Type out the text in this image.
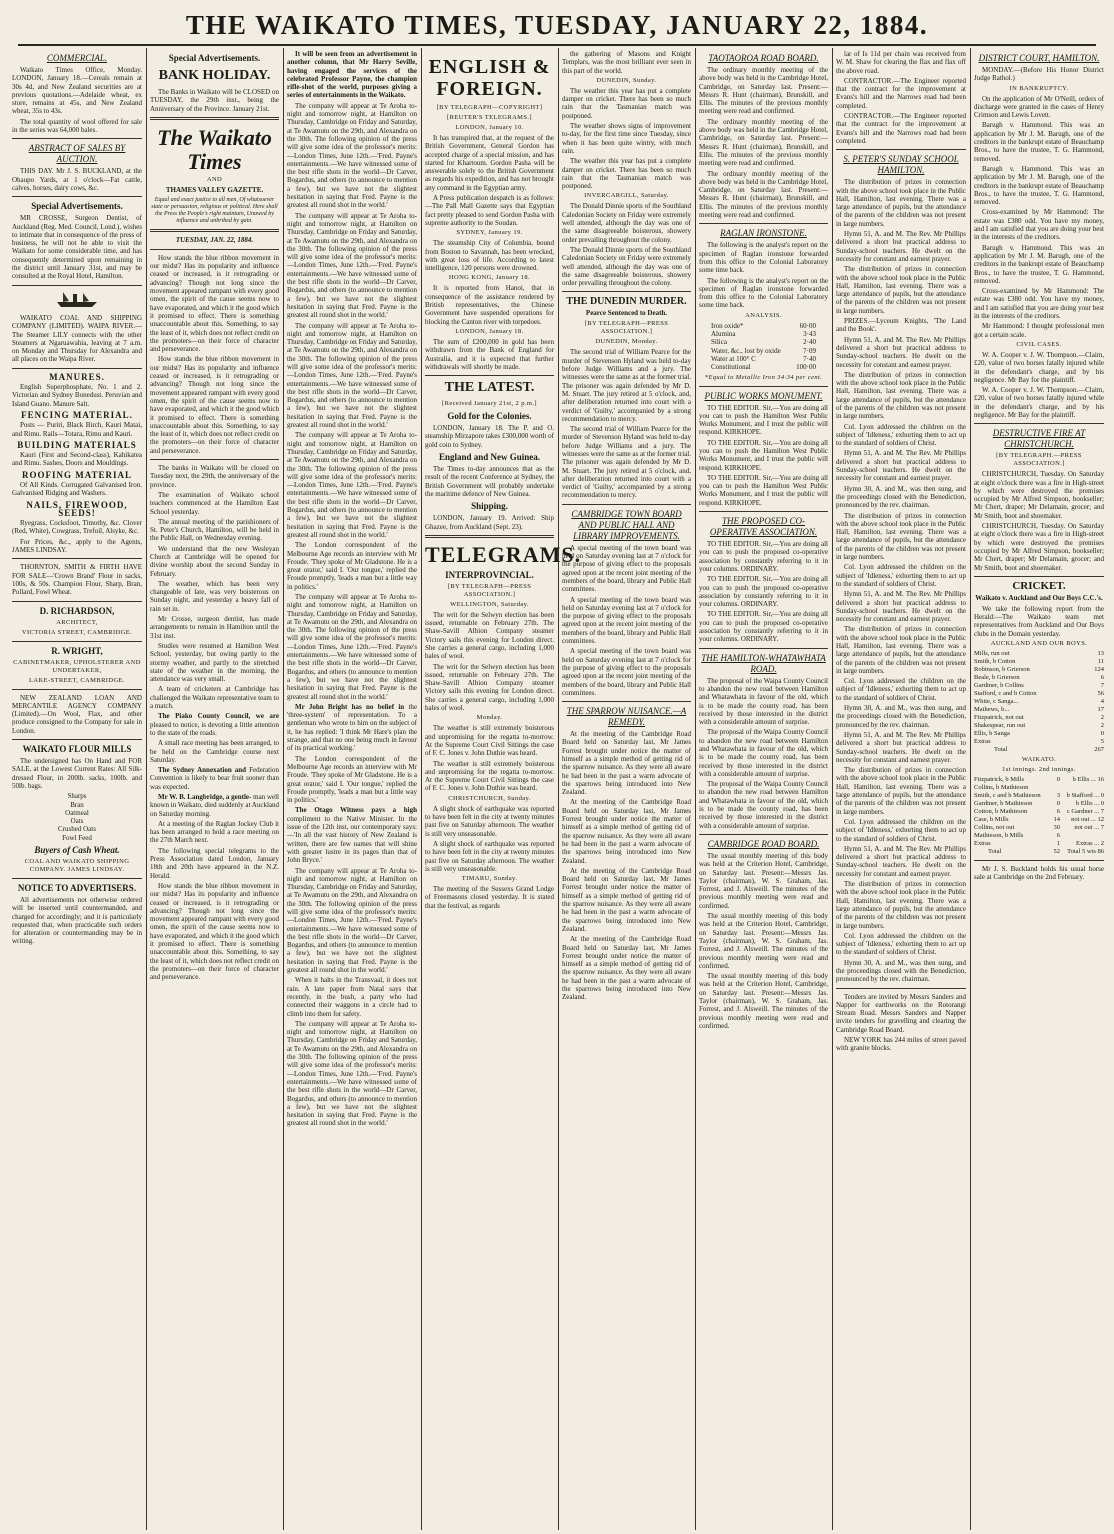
THE WAIKATO TIMES, TUESDAY, JANUARY 22, 1884.
COMMERCIAL.

Waikato Times Office, Monday. LONDON, January 18.—Cereals remain at 30s 4d, and New Zealand securities are at previous quotations.—Adelaide wheat, ex store, remains at 45s, and New Zealand wheat, 35s to 43s.

The total quantity of wool offered for sale in the series was 64,000 bales.

ABSTRACT OF SALES BY AUCTION.

THIS DAY. Mr J. S. BUCKLAND, at the Ohaupo Yards, at 1 o'clock—Fat cattle, calves, horses, dairy cows, &c.

Special Advertisements.

MR CROSSE, Surgeon Dentist, of Auckland (Reg. Med. Council, Lond.), wishes to intimate that in consequence of the press of business, he will not be able to visit the Waikato for some considerable time, and has consequently determined upon remaining in the district until January 31st, and may be consulted at the Royal Hotel, Hamilton.

WAIKATO COAL AND SHIPPING COMPANY (LIMITED). WAIPA RIVER.—The Steamer LILY connects with the other Steamers at Ngaruawahia, leaving at 7 a.m. on Monday and Thursday for Alexandra and all places on the Waipa River.

MANURES.

English Superphosphate, No. 1 and 2. Victorian and Sydney Bonedust. Peruvian and Island Guano. Manure Salt.

FENCING MATERIAL.

Posts — Puriri, Black Birch, Kauri Matai, and Rimu. Rails—Totara, Rimu and Kauri.

BUILDING MATERIALS

Kauri (First and Second-class), Kahikatea and Rimu. Sashes, Doors and Mouldings.

ROOFING MATERIAL

Of All Kinds. Corrugated Galvanised Iron. Galvanised Ridging and Washers.

NAILS, FIREWOOD, SEEDS!

Ryegrass, Cocksfoot, Timothy, &c. Clover (Red, White), Cowgrass, Trefoil, Alsyke, &c.

For Prices, &c., apply to the Agents, JAMES LINDSAY.

THORNTON, SMITH & FIRTH HAVE FOR SALE—'Crown Brand' Flour in sacks, 100s, & 50s. Champion Flour, Sharp, Bran, Pollard, Fowl Wheat.

D. RICHARDSON,
ARCHITECT,
VICTORIA STREET, CAMBRIDGE.
R. WRIGHT,
CABINETMAKER, UPHOLSTERER AND UNDERTAKER,
LAKE-STREET, CAMBRIDGE.

NEW ZEALAND LOAN AND MERCANTILE AGENCY COMPANY (Limited).—On Wool, Flax, and other produce consigned to the Company for sale in London.

WAIKATO FLOUR MILLS

The undersigned has On Hand and FOR SALE, at the Lowest Current Rates: All Silk-dressed Flour, in 200lb. sacks, 100lb. and 50lb. bags.

Sharps
Bran
Oatmeal
Oats
Crushed Oats
Fowl Feed
Buyers of Cash Wheat.
COAL AND WAIKATO SHIPPING COMPANY. JAMES LINDSAY.
NOTICE TO ADVERTISERS.

All advertisements not otherwise ordered will be inserted until countermanded, and charged for accordingly; and it is particularly requested that, when practicable such orders for alteration or countermanding may be in writing.

Special Advertisements.
BANK HOLIDAY.

The Banks in Waikato will be CLOSED on TUESDAY, the 29th inst., being the Anniversary of the Province. January 21st.

The Waikato Times
AND
THAMES VALLEY GAZETTE.

Equal and exact justice to all men, Of whatsoever state or persuasion, religious or political. Here shall the Press the People's right maintain, Unawed by influence and unbribed by gain.

TUESDAY, JAN. 22, 1884.

How stands the blue ribbon movement in our midst? Has its popularity and influence ceased or increased, is it retrograding or advancing? Though not long since the movement appeared rampant with every good omen, the spirit of the cause seems now to have evaporated, and which it the good which it promised to effect. There is something unaccountable about this. Something, to say the least of it, which does not reflect credit on the promoters—on their force of character and perseverance.

How stands the blue ribbon movement in our midst? Has its popularity and influence ceased or increased, is it retrograding or advancing? Though not long since the movement appeared rampant with every good omen, the spirit of the cause seems now to have evaporated, and which it the good which it promised to effect. There is something unaccountable about this. Something, to say the least of it, which does not reflect credit on the promoters—on their force of character and perseverance.

The banks in Waikato will be closed on Tuesday next, the 29th, the anniversary of the province.

The examination of Waikato school teachers commenced at the Hamilton East School yesterday.

The annual meeting of the parishioners of St. Peter's Church, Hamilton, will be held in the Public Hall, on Wednesday evening.

We understand that the new Wesleyan Church at Cambridge will be opened for divine worship about the second Sunday in February.

The weather, which has been very changeable of late, was very boisterous on Sunday night, and yesterday a heavy fall of rain set in.

Mr Crosse, surgeon dentist, has made arrangements to remain in Hamilton until the 31st inst.

Studies were resumed at Hamilton West School, yesterday, but owing partly to the stormy weather, and partly to the stretched state of the weather in the morning, the attendance was very small.

A team of cricketers at Cambridge has challenged the Waikato representative team to a match.

The Piako County Council, we are pleased to notice, is devoting a little attention to the state of the roads.

A small race meeting has been arranged, to be held on the Cambridge course next Saturday.

The Sydney Annexation and Federation Convention is likely to bear fruit sooner than was expected.

Mr W. B. Langbridge, a gentle- man well known in Waikato, died suddenly at Auckland on Saturday morning.

At a meeting of the Raglan Jockey Club it has been arranged to hold a race meeting on the 27th March next.

The following special telegrams to the Press Association dated London, January 18th and 20th have appeared in the N.Z. Herald.

How stands the blue ribbon movement in our midst? Has its popularity and influence ceased or increased, is it retrograding or advancing? Though not long since the movement appeared rampant with every good omen, the spirit of the cause seems now to have evaporated, and which it the good which it promised to effect. There is something unaccountable about this. Something, to say the least of it, which does not reflect credit on the promoters—on their force of character and perseverance.

It will be seen from an advertisement in another column, that Mr Harry Seville, having engaged the services of the celebrated Professor Payne, the champion rifle-shot of the world, purposes giving a series of entertainments in the Waikato.

The company will appear at Te Aroha to-night and tomorrow night, at Hamilton on Thursday, Cambridge on Friday and Saturday, at Te Awamutu on the 29th, and Alexandra on the 30th. The following opinion of the press will give some idea of the professor's merits:—London Times, June 12th.—'Fred. Payne's entertainments.—We have witnessed some of the best rifle shots in the world—Dr Carver, Bogardus, and others (to announce to mention a few), but we have not the slightest hesitation in saying that Fred. Payne is the greatest all round shot in the world.'

The company will appear at Te Aroha to-night and tomorrow night, at Hamilton on Thursday, Cambridge on Friday and Saturday, at Te Awamutu on the 29th, and Alexandra on the 30th. The following opinion of the press will give some idea of the professor's merits:—London Times, June 12th.—'Fred. Payne's entertainments.—We have witnessed some of the best rifle shots in the world—Dr Carver, Bogardus, and others (to announce to mention a few), but we have not the slightest hesitation in saying that Fred. Payne is the greatest all round shot in the world.'

The company will appear at Te Aroha to-night and tomorrow night, at Hamilton on Thursday, Cambridge on Friday and Saturday, at Te Awamutu on the 29th, and Alexandra on the 30th. The following opinion of the press will give some idea of the professor's merits:—London Times, June 12th.—'Fred. Payne's entertainments.—We have witnessed some of the best rifle shots in the world—Dr Carver, Bogardus, and others (to announce to mention a few), but we have not the slightest hesitation in saying that Fred. Payne is the greatest all round shot in the world.'

The company will appear at Te Aroha to-night and tomorrow night, at Hamilton on Thursday, Cambridge on Friday and Saturday, at Te Awamutu on the 29th, and Alexandra on the 30th. The following opinion of the press will give some idea of the professor's merits:—London Times, June 12th.—'Fred. Payne's entertainments.—We have witnessed some of the best rifle shots in the world—Dr Carver, Bogardus, and others (to announce to mention a few), but we have not the slightest hesitation in saying that Fred. Payne is the greatest all round shot in the world.'

The London correspondent of the Melbourne Age records an interview with Mr Froude. 'They spoke of Mr Gladstone. He is a great orator,' said I. 'Our tongue,' replied the Froude promptly, 'leads a man but a little way in politics.'

The company will appear at Te Aroha to-night and tomorrow night, at Hamilton on Thursday, Cambridge on Friday and Saturday, at Te Awamutu on the 29th, and Alexandra on the 30th. The following opinion of the press will give some idea of the professor's merits:—London Times, June 12th.—'Fred. Payne's entertainments.—We have witnessed some of the best rifle shots in the world—Dr Carver, Bogardus, and others (to announce to mention a few), but we have not the slightest hesitation in saying that Fred. Payne is the greatest all round shot in the world.'

Mr John Bright has no belief in the 'three-system' of representation. To a gentleman who wrote to him on the subject of it, he has replied: 'I think Mr Hare's plan the strange, and that no one being much in favour of its practical working.'

The London correspondent of the Melbourne Age records an interview with Mr Froude. 'They spoke of Mr Gladstone. He is a great orator,' said I. 'Our tongue,' replied the Froude promptly, 'leads a man but a little way in politics.'

The Otago Witness pays a high compliment to the Native Minister. In the issue of the 12th inst, our contemporary says:—'In all the vast history of New Zealand is written, there are few names that will shine with greater lustre in its pages than that of John Bryce.'

The company will appear at Te Aroha to-night and tomorrow night, at Hamilton on Thursday, Cambridge on Friday and Saturday, at Te Awamutu on the 29th, and Alexandra on the 30th. The following opinion of the press will give some idea of the professor's merits:—London Times, June 12th.—'Fred. Payne's entertainments.—We have witnessed some of the best rifle shots in the world—Dr Carver, Bogardus, and others (to announce to mention a few), but we have not the slightest hesitation in saying that Fred. Payne is the greatest all round shot in the world.'

When it halts in the Transvaal, it does not rain. A late paper from Natal says that recently, in the bush, a party who had connected their waggons in a circle had to climb into them for safety.

The company will appear at Te Aroha to-night and tomorrow night, at Hamilton on Thursday, Cambridge on Friday and Saturday, at Te Awamutu on the 29th, and Alexandra on the 30th. The following opinion of the press will give some idea of the professor's merits:—London Times, June 12th.—'Fred. Payne's entertainments.—We have witnessed some of the best rifle shots in the world—Dr Carver, Bogardus, and others (to announce to mention a few), but we have not the slightest hesitation in saying that Fred. Payne is the greatest all round shot in the world.'

ENGLISH & FOREIGN.
[BY TELEGRAPH—COPYRIGHT]
[REUTER'S TELEGRAMS.]
LONDON, January 10.

It has transpired that, at the request of the British Government, General Gordon has accepted charge of a special mission, and has started for Khartoum. Gordon Pasha will be answerable solely to the British Government as regards his expedition, and has not brought any command in the Egyptian army.

A Press publication despatch is as follows:—The Pall Mall Gazette says that Egyptian fact pretty pleased to send Gordon Pasha with supreme authority to the Soudan.

SYDNEY, January 19.

The steamship City of Columbia, bound from Boston to Savannah, has been wrecked, with great loss of life. According to latest intelligence, 120 persons were drowned.

HONG KONG, January 18.

It is reported from Hanoi, that in consequence of the assistance rendered by British representatives, the Chinese Government have suspended operations for blocking the Canton river with torpedoes.

LONDON, January 18.

The sum of £200,000 in gold has been withdrawn from the Bank of England for Australia, and it is expected that further withdrawals will shortly be made.

THE LATEST.
[Received January 21st, 2 p.m.]
Gold for the Colonies.

LONDON, January 18. The P. and O. steamship Mirzapore takes £300,000 worth of gold coin to Sydney.

England and New Guinea.

The Times to-day announces that as the result of the recent Conference at Sydney, the British Government will probably undertake the maritime defence of New Guinea.

Shipping.

LONDON, January 19. Arrived: Ship Ghazee, from Auckland (Sept. 23).

TELEGRAMS.
INTERPROVINCIAL.
[BY TELEGRAPH—PRESS ASSOCIATION.]
WELLINGTON, Saturday.

The writ for the Selwyn election has been issued, returnable on February 27th. The Shaw-Savill Albion Company steamer Victory sails this evening for London direct. She carries a general cargo, including 1,000 bales of wool.

The writ for the Selwyn election has been issued, returnable on February 27th. The Shaw-Savill Albion Company steamer Victory sails this evening for London direct. She carries a general cargo, including 1,000 bales of wool.

Monday.

The weather is still extremely boisterous and unpromising for the regatta to-morrow. At the Supreme Court Civil Sittings the case of F. C. Jones v. John Duthie was heard.

The weather is still extremely boisterous and unpromising for the regatta to-morrow. At the Supreme Court Civil Sittings the case of F. C. Jones v. John Duthie was heard.

CHRISTCHURCH, Sunday.

A slight shock of earthquake was reported to have been felt in the city at twenty minutes past five on Saturday afternoon. The weather is still very unseasonable.

A slight shock of earthquake was reported to have been felt in the city at twenty minutes past five on Saturday afternoon. The weather is still very unseasonable.

TIMARU, Sunday.

The meeting of the Sussexs Grand Lodge of Freemasons closed yesterday. It is stated that the festival, as regards

the gathering of Masons and Knight Templars, was the most brilliant ever seen in this part of the world.

DUNEDIN, Sunday.

The weather this year has put a complete damper on cricket. There has been so much rain that the Tasmanian match was postponed.

The weather shows signs of improvement to-day, for the first time since Tuesday, since when it has been quite wintry, with much rain.

The weather this year has put a complete damper on cricket. There has been so much rain that the Tasmanian match was postponed.

INVERCARGILL, Saturday.

The Donald Dinnie sports of the Southland Caledonian Society on Friday were extremely well attended, although the day was one of the same disagreeable boisterous, showery order prevailing throughout the colony.

The Donald Dinnie sports of the Southland Caledonian Society on Friday were extremely well attended, although the day was one of the same disagreeable boisterous, showery order prevailing throughout the colony.

THE DUNEDIN MURDER.
Pearce Sentenced to Death.
[BY TELEGRAPH—PRESS ASSOCIATION.]
DUNEDIN, Monday.

The second trial of William Pearce for the murder of Stevenson Hyland was held to-day before Judge Williams and a jury. The witnesses were the same as at the former trial. The prisoner was again defended by Mr D. M. Stuart. The jury retired at 5 o'clock, and, after deliberation returned into court with a verdict of 'Guilty,' accompanied by a strong recommendation to mercy.

The second trial of William Pearce for the murder of Stevenson Hyland was held to-day before Judge Williams and a jury. The witnesses were the same as at the former trial. The prisoner was again defended by Mr D. M. Stuart. The jury retired at 5 o'clock, and, after deliberation returned into court with a verdict of 'Guilty,' accompanied by a strong recommendation to mercy.

CAMBRIDGE TOWN BOARD AND PUBLIC HALL AND LIBRARY IMPROVEMENTS.

A special meeting of the town board was held on Saturday evening last at 7 o'clock for the purpose of giving effect to the proposals agreed upon at the recent joint meeting of the members of the board, library and Public Hall committees.

A special meeting of the town board was held on Saturday evening last at 7 o'clock for the purpose of giving effect to the proposals agreed upon at the recent joint meeting of the members of the board, library and Public Hall committees.

A special meeting of the town board was held on Saturday evening last at 7 o'clock for the purpose of giving effect to the proposals agreed upon at the recent joint meeting of the members of the board, library and Public Hall committees.

THE SPARROW NUISANCE.—A REMEDY.

At the meeting of the Cambridge Road Board held on Saturday last, Mr James Forrest brought under notice the matter of himself as a simple method of getting rid of the sparrow nuisance. As they were all aware he had been in the past a warm advocate of the sparrows being introduced into New Zealand.

At the meeting of the Cambridge Road Board held on Saturday last, Mr James Forrest brought under notice the matter of himself as a simple method of getting rid of the sparrow nuisance. As they were all aware he had been in the past a warm advocate of the sparrows being introduced into New Zealand.

At the meeting of the Cambridge Road Board held on Saturday last, Mr James Forrest brought under notice the matter of himself as a simple method of getting rid of the sparrow nuisance. As they were all aware he had been in the past a warm advocate of the sparrows being introduced into New Zealand.

At the meeting of the Cambridge Road Board held on Saturday last, Mr James Forrest brought under notice the matter of himself as a simple method of getting rid of the sparrow nuisance. As they were all aware he had been in the past a warm advocate of the sparrows being introduced into New Zealand.

TAOTAOROA ROAD BOARD.

The ordinary monthly meeting of the above body was held in the Cambridge Hotel, Cambridge, on Saturday last. Present:—Messrs R. Hunt (chairman), Brunskill, and Ellis. The minutes of the previous monthly meeting were read and confirmed.

The ordinary monthly meeting of the above body was held in the Cambridge Hotel, Cambridge, on Saturday last. Present:—Messrs R. Hunt (chairman), Brunskill, and Ellis. The minutes of the previous monthly meeting were read and confirmed.

The ordinary monthly meeting of the above body was held in the Cambridge Hotel, Cambridge, on Saturday last. Present:—Messrs R. Hunt (chairman), Brunskill, and Ellis. The minutes of the previous monthly meeting were read and confirmed.

RAGLAN IRONSTONE.

The following is the analyst's report on the specimen of Raglan ironstone forwarded from this office to the Colonial Laboratory some time back.

The following is the analyst's report on the specimen of Raglan ironstone forwarded from this office to the Colonial Laboratory some time back.

ANALYSIS.
Iron oxide*	60·00
Alumina	3·43
Silica	2·40
Water, &c., lost by oxide	7·09
Water at 100° C	7·40
Constitutional	100·00
*Equal to Metallic Iron 34·34 per cent.
PUBLIC WORKS MONUMENT.

TO THE EDITOR. Sir,—You are doing all you can to push the Hamilton West Public Works Monument, and I trust the public will respond. KIRKHOPE.

TO THE EDITOR. Sir,—You are doing all you can to push the Hamilton West Public Works Monument, and I trust the public will respond. KIRKHOPE.

TO THE EDITOR. Sir,—You are doing all you can to push the Hamilton West Public Works Monument, and I trust the public will respond. KIRKHOPE.

THE PROPOSED CO-OPERATIVE ASSOCIATION.

TO THE EDITOR. Sir,—You are doing all you can to push the proposed co-operative association by constantly referring to it in your columns. ORDINARY.

TO THE EDITOR. Sir,—You are doing all you can to push the proposed co-operative association by constantly referring to it in your columns. ORDINARY.

TO THE EDITOR. Sir,—You are doing all you can to push the proposed co-operative association by constantly referring to it in your columns. ORDINARY.

THE HAMILTON-WHATAWHATA ROAD.

The proposal of the Waipa County Council to abandon the new road between Hamilton and Whatawhata in favour of the old, which is to be made the county road, has been received by those interested in the district with a considerable amount of surprise.

The proposal of the Waipa County Council to abandon the new road between Hamilton and Whatawhata in favour of the old, which is to be made the county road, has been received by those interested in the district with a considerable amount of surprise.

The proposal of the Waipa County Council to abandon the new road between Hamilton and Whatawhata in favour of the old, which is to be made the county road, has been received by those interested in the district with a considerable amount of surprise.

CAMBRIDGE ROAD BOARD.

The usual monthly meeting of this body was held at the Criterion Hotel, Cambridge, on Saturday last. Present:—Messrs Jas. Taylor (chairman), W. S. Graham, Jas. Forrest, and J. Alsweill. The minutes of the previous monthly meeting were read and confirmed.

The usual monthly meeting of this body was held at the Criterion Hotel, Cambridge, on Saturday last. Present:—Messrs Jas. Taylor (chairman), W. S. Graham, Jas. Forrest, and J. Alsweill. The minutes of the previous monthly meeting were read and confirmed.

The usual monthly meeting of this body was held at the Criterion Hotel, Cambridge, on Saturday last. Present:—Messrs Jas. Taylor (chairman), W. S. Graham, Jas. Forrest, and J. Alsweill. The minutes of the previous monthly meeting were read and confirmed.

lar of Is 11d per chain was received from W. M. Shaw for clearing the flax and flax off the above road.

CONTRACTOR.—The Engineer reported that the contract for the improvement at Evans's hill and the Narrows road had been completed.

CONTRACTOR.—The Engineer reported that the contract for the improvement at Evans's hill and the Narrows road had been completed.

S. PETER'S SUNDAY SCHOOL HAMILTON.

The distribution of prizes in connection with the above school took place in the Public Hall, Hamilton, last evening. There was a large attendance of pupils, but the attendance of the parents of the children was not present in large numbers.

Hymn 51, A. and M. The Rev. Mr Phillips delivered a short but practical address to Sunday-school teachers. He dwelt on the necessity for constant and earnest prayer.

The distribution of prizes in connection with the above school took place in the Public Hall, Hamilton, last evening. There was a large attendance of pupils, but the attendance of the parents of the children was not present in large numbers.

PRIZES.—Lyceum Knights, 'The Land and the Book'.

Hymn 51, A. and M. The Rev. Mr Phillips delivered a short but practical address to Sunday-school teachers. He dwelt on the necessity for constant and earnest prayer.

The distribution of prizes in connection with the above school took place in the Public Hall, Hamilton, last evening. There was a large attendance of pupils, but the attendance of the parents of the children was not present in large numbers.

Col. Lyon addressed the children on the subject of 'Idleness,' exhorting them to act up to the standard of soldiers of Christ.

Hymn 51, A. and M. The Rev. Mr Phillips delivered a short but practical address to Sunday-school teachers. He dwelt on the necessity for constant and earnest prayer.

Hymn 30, A. and M., was then sung, and the proceedings closed with the Benediction, pronounced by the rev. chairman.

The distribution of prizes in connection with the above school took place in the Public Hall, Hamilton, last evening. There was a large attendance of pupils, but the attendance of the parents of the children was not present in large numbers.

Col. Lyon addressed the children on the subject of 'Idleness,' exhorting them to act up to the standard of soldiers of Christ.

Hymn 51, A. and M. The Rev. Mr Phillips delivered a short but practical address to Sunday-school teachers. He dwelt on the necessity for constant and earnest prayer.

The distribution of prizes in connection with the above school took place in the Public Hall, Hamilton, last evening. There was a large attendance of pupils, but the attendance of the parents of the children was not present in large numbers.

Col. Lyon addressed the children on the subject of 'Idleness,' exhorting them to act up to the standard of soldiers of Christ.

Hymn 30, A. and M., was then sung, and the proceedings closed with the Benediction, pronounced by the rev. chairman.

Hymn 51, A. and M. The Rev. Mr Phillips delivered a short but practical address to Sunday-school teachers. He dwelt on the necessity for constant and earnest prayer.

The distribution of prizes in connection with the above school took place in the Public Hall, Hamilton, last evening. There was a large attendance of pupils, but the attendance of the parents of the children was not present in large numbers.

Col. Lyon addressed the children on the subject of 'Idleness,' exhorting them to act up to the standard of soldiers of Christ.

Hymn 51, A. and M. The Rev. Mr Phillips delivered a short but practical address to Sunday-school teachers. He dwelt on the necessity for constant and earnest prayer.

The distribution of prizes in connection with the above school took place in the Public Hall, Hamilton, last evening. There was a large attendance of pupils, but the attendance of the parents of the children was not present in large numbers.

Col. Lyon addressed the children on the subject of 'Idleness,' exhorting them to act up to the standard of soldiers of Christ.

Hymn 30, A. and M., was then sung, and the proceedings closed with the Benediction, pronounced by the rev. chairman.

Tenders are invited by Messrs Sanders and Napper for earthworks on the Rotorangi Stream Road. Messrs Sanders and Napper invite tenders for gravelling and clearing the Cambridge Road Board.

NEW YORK has 244 miles of street paved with granite blocks.

DISTRICT COURT, HAMILTON.

MONDAY.—(Before His Honor District Judge Rathol.)

IN BANKRUPTCY.

On the application of Mr O'Neill, orders of discharge were granted in the cases of Henry Crimson and Lewis Lovett.

Barugh v. Hammond. This was an application by Mr J. M. Barugh, one of the creditors in the bankrupt estate of Beauchamp Bros., to have the trustee, T. G. Hammond, removed.

Barugh v. Hammond. This was an application by Mr J. M. Barugh, one of the creditors in the bankrupt estate of Beauchamp Bros., to have the trustee, T. G. Hammond, removed.

Cross-examined by Mr Hammond: The estate was £380 odd. You have my money, and I am satisfied that you are doing your best in the interests of the creditors.

Barugh v. Hammond. This was an application by Mr J. M. Barugh, one of the creditors in the bankrupt estate of Beauchamp Bros., to have the trustee, T. G. Hammond, removed.

Cross-examined by Mr Hammond: The estate was £380 odd. You have my money, and I am satisfied that you are doing your best in the interests of the creditors.

Mr Hammond: I thought professional men got a certain scale.

CIVIL CASES.

W. A. Cooper v. J. W. Thompson.—Claim, £20, value of two horses fatally injured while in the defendant's charge, and by his negligence. Mr Bay for the plaintiff.

W. A. Cooper v. J. W. Thompson.—Claim, £20, value of two horses fatally injured while in the defendant's charge, and by his negligence. Mr Bay for the plaintiff.

DESTRUCTIVE FIRE AT CHRISTCHURCH.
[BY TELEGRAPH.—PRESS ASSOCIATION.]

CHRISTCHURCH, Tuesday. On Saturday at eight o'clock there was a fire in High-street by which were destroyed the premises occupied by Mr Alfred Simpson, bookseller; Mr Chert, draper; Mr Delamain, grocer; and Mr Smith, boot and shoemaker.

CHRISTCHURCH, Tuesday. On Saturday at eight o'clock there was a fire in High-street by which were destroyed the premises occupied by Mr Alfred Simpson, bookseller; Mr Chert, draper; Mr Delamain, grocer; and Mr Smith, boot and shoemaker.

CRICKET.
Waikato v. Auckland and Our Boys C.C.'s.

We take the following report from the Herald:—The Waikato team met representatives from Auckland and Our Boys clubs in the Domain yesterday.

AUCKLAND AND OUR BOYS.
Mills, run out	13
Smith, b Cotton	11
Robinson, b Grierson	124
Beale, b Grierson	6
Gardiner, b Collins	7
Stafford, c and b Cotton	56
White, c Sanga...	4
Mathews, b...	17
Fitzpatrick, not out	2
Shakespear, run out	2
Ellis, b Sanga	0
Extras	5
Total	267
WAIKATO.
1st innings. 2nd innings.
Fitzpatrick, b Mills	0	b Ellis ... 16
Collins, b Mathieson		
Smith, c and b Mathieson	3	b Stafford ... 0
Gardiner, b Mathieson	0	b Ellis ... 0
Cotton, b Mathieson	6	c Gardner ... 7
Case, b Mills	14	not out ... 12
Collins, not out	30	not out ... 7
Mathieson, b Mills	6	
Extras	1	Extras ... 2
Total	52	Total 5 wts 86

Mr J. S. Buckland holds his usual horse sale at Cambridge on the 2nd February.
